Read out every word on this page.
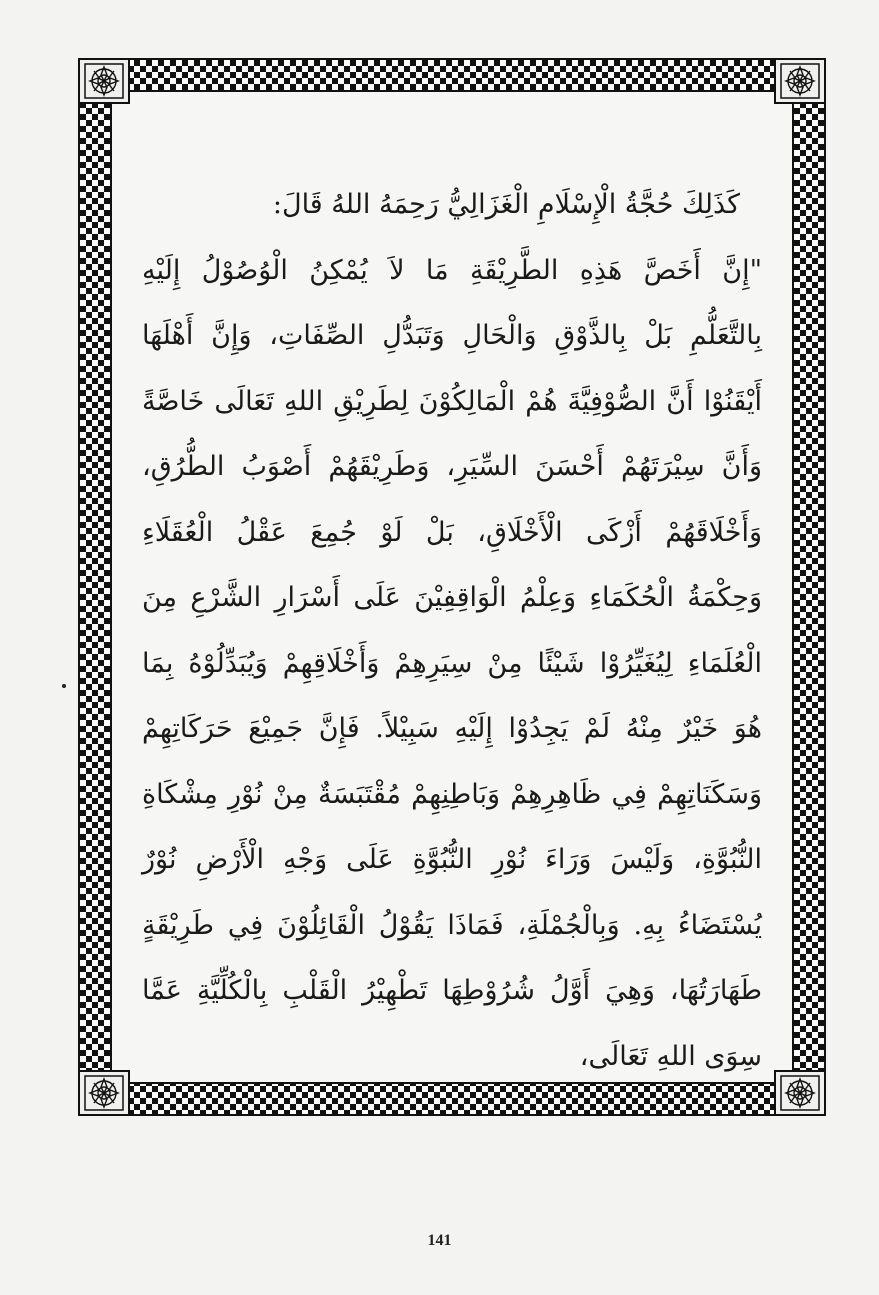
كَذَلِكَ حُجَّةُ الْإِسْلَامِ الْغَزَالِيُّ رَحِمَهُ اللهُ قَالَ:
"إِنَّ أَخَصَّ هَذِهِ الطَّرِيْقَةِ مَا لاَ يُمْكِنُ الْوُصُوْلُ إِلَيْهِ
بِالتَّعَلُّمِ بَلْ بِالذَّوْقِ وَالْحَالِ وَتَبَدُّلِ الصِّفَاتِ، وَإِنَّ أَهْلَهَا
أَيْقَنُوْا أَنَّ الصُّوْفِيَّةَ هُمْ الْمَالِكُوْنَ لِطَرِيْقِ اللهِ تَعَالَى خَاصَّةً
وَأَنَّ سِيْرَتَهُمْ أَحْسَنَ السِّيَرِ، وَطَرِيْقَهُمْ أَصْوَبُ الطُّرُقِ،
وَأَخْلَاقَهُمْ أَزْكَى الْأَخْلَاقِ، بَلْ لَوْ جُمِعَ عَقْلُ الْعُقَلَاءِ
وَحِكْمَةُ الْحُكَمَاءِ وَعِلْمُ الْوَاقِفِيْنَ عَلَى أَسْرَارِ الشَّرْعِ مِنَ
الْعُلَمَاءِ لِيُغَيِّرُوْا شَيْئًا مِنْ سِيَرِهِمْ وَأَخْلَاقِهِمْ وَيُبَدِّلُوْهُ بِمَا
هُوَ خَيْرٌ مِنْهُ لَمْ يَجِدُوْا إِلَيْهِ سَبِيْلاً. فَإِنَّ جَمِيْعَ حَرَكَاتِهِمْ
وَسَكَنَاتِهِمْ فِي ظَاهِرِهِمْ وَبَاطِنِهِمْ مُقْتَبَسَةٌ مِنْ نُوْرِ مِشْكَاةِ
النُّبُوَّةِ، وَلَيْسَ وَرَاءَ نُوْرِ النُّبُوَّةِ عَلَى وَجْهِ الْأَرْضِ نُوْرٌ
يُسْتَضَاءُ بِهِ. وَبِالْجُمْلَةِ، فَمَاذَا يَقُوْلُ الْقَائِلُوْنَ فِي طَرِيْقَةٍ
طَهَارَتُهَا، وَهِيَ أَوَّلُ شُرُوْطِهَا تَطْهِيْرُ الْقَلْبِ بِالْكُلِّيَّةِ عَمَّا
سِوَى اللهِ تَعَالَى،
141
